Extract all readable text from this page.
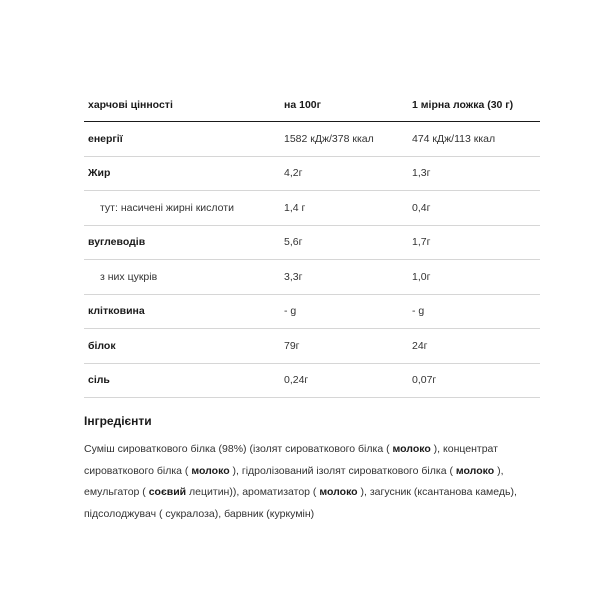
харчові цінності	на 100г	1 мірна ложка (30 г)
енергії	1582 кДж/378 ккал	474 кДж/113 ккал
Жир	4,2г	1,3г
тут: насичені жирні кислоти	1,4 г	0,4г
вуглеводів	5,6г	1,7г
з них цукрів	3,3г	1,0г
клітковина	- g	- g
білок	79г	24г
сіль	0,24г	0,07г
Інгредієнти
Суміш сироваткового білка (98%) (ізолят сироваткового білка ( молоко ), концентрат
сироваткового білка ( молоко ), гідролізований ізолят сироваткового білка ( молоко ),
емульгатор ( соєвий лецитин)), ароматизатор ( молоко ), загусник (ксантанова камедь),
підсолоджувач ( сукралоза), барвник (куркумін)
